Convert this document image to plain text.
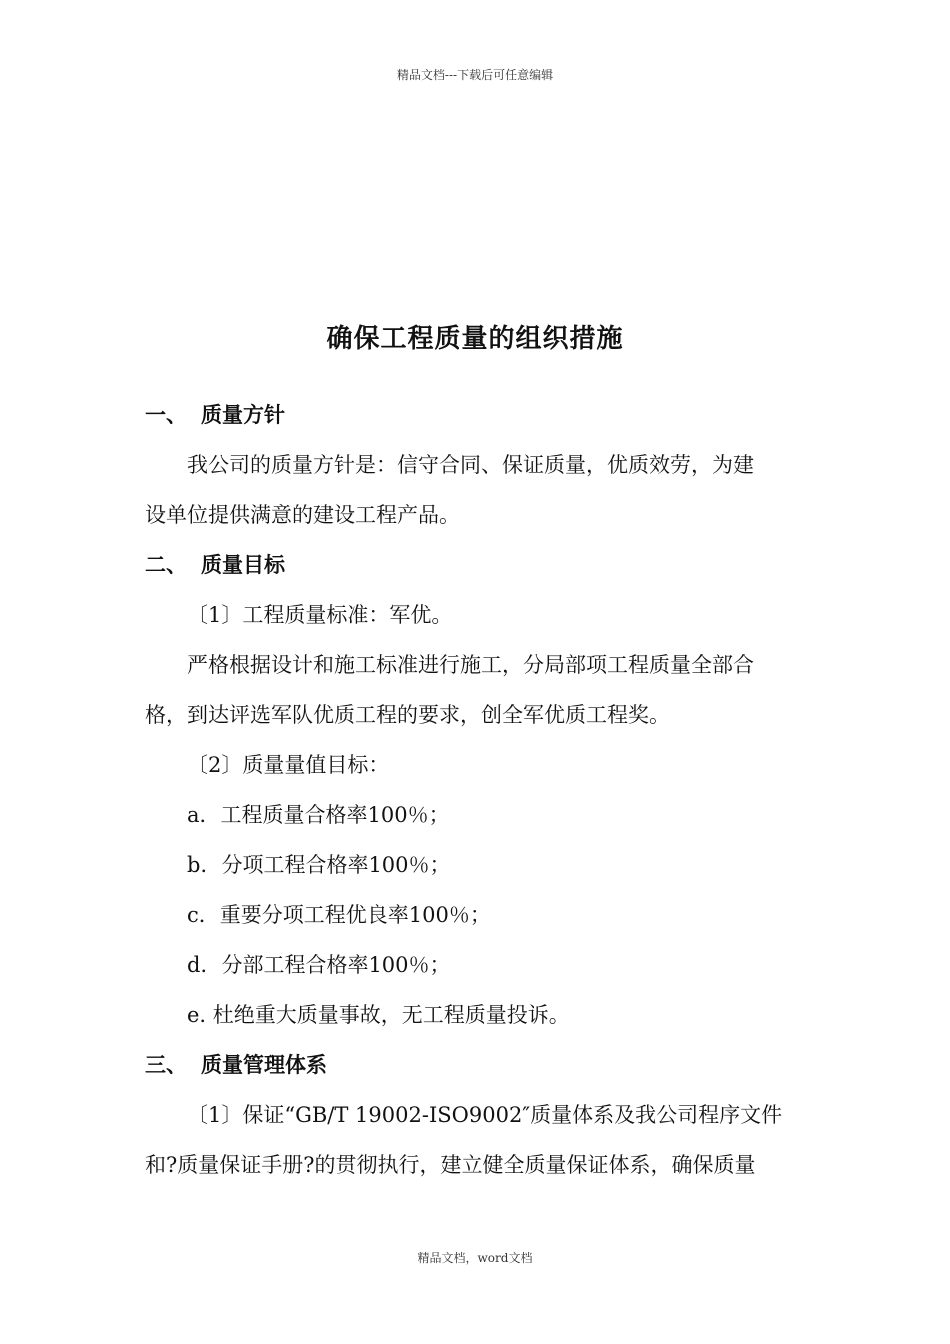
精品文档---下载后可任意编辑
确保工程质量的组织措施
一、 质量方针
我公司的质量方针是：信守合同、保证质量，优质效劳，为建
设单位提供满意的建设工程产品。
二、 质量目标
〔1〕工程质量标准：军优。
严格根据设计和施工标准进行施工，分局部项工程质量全部合
格，到达评选军队优质工程的要求，创全军优质工程奖。
〔2〕质量量值目标：
a．工程质量合格率100％；
b．分项工程合格率100％；
c．重要分项工程优良率100％；
d．分部工程合格率100％；
e. 杜绝重大质量事故，无工程质量投诉。
三、 质量管理体系
〔1〕保证“GB/T 19002-ISO9002″质量体系及我公司程序文件
和?质量保证手册?的贯彻执行，建立健全质量保证体系，确保质量
精品文档，word文档
